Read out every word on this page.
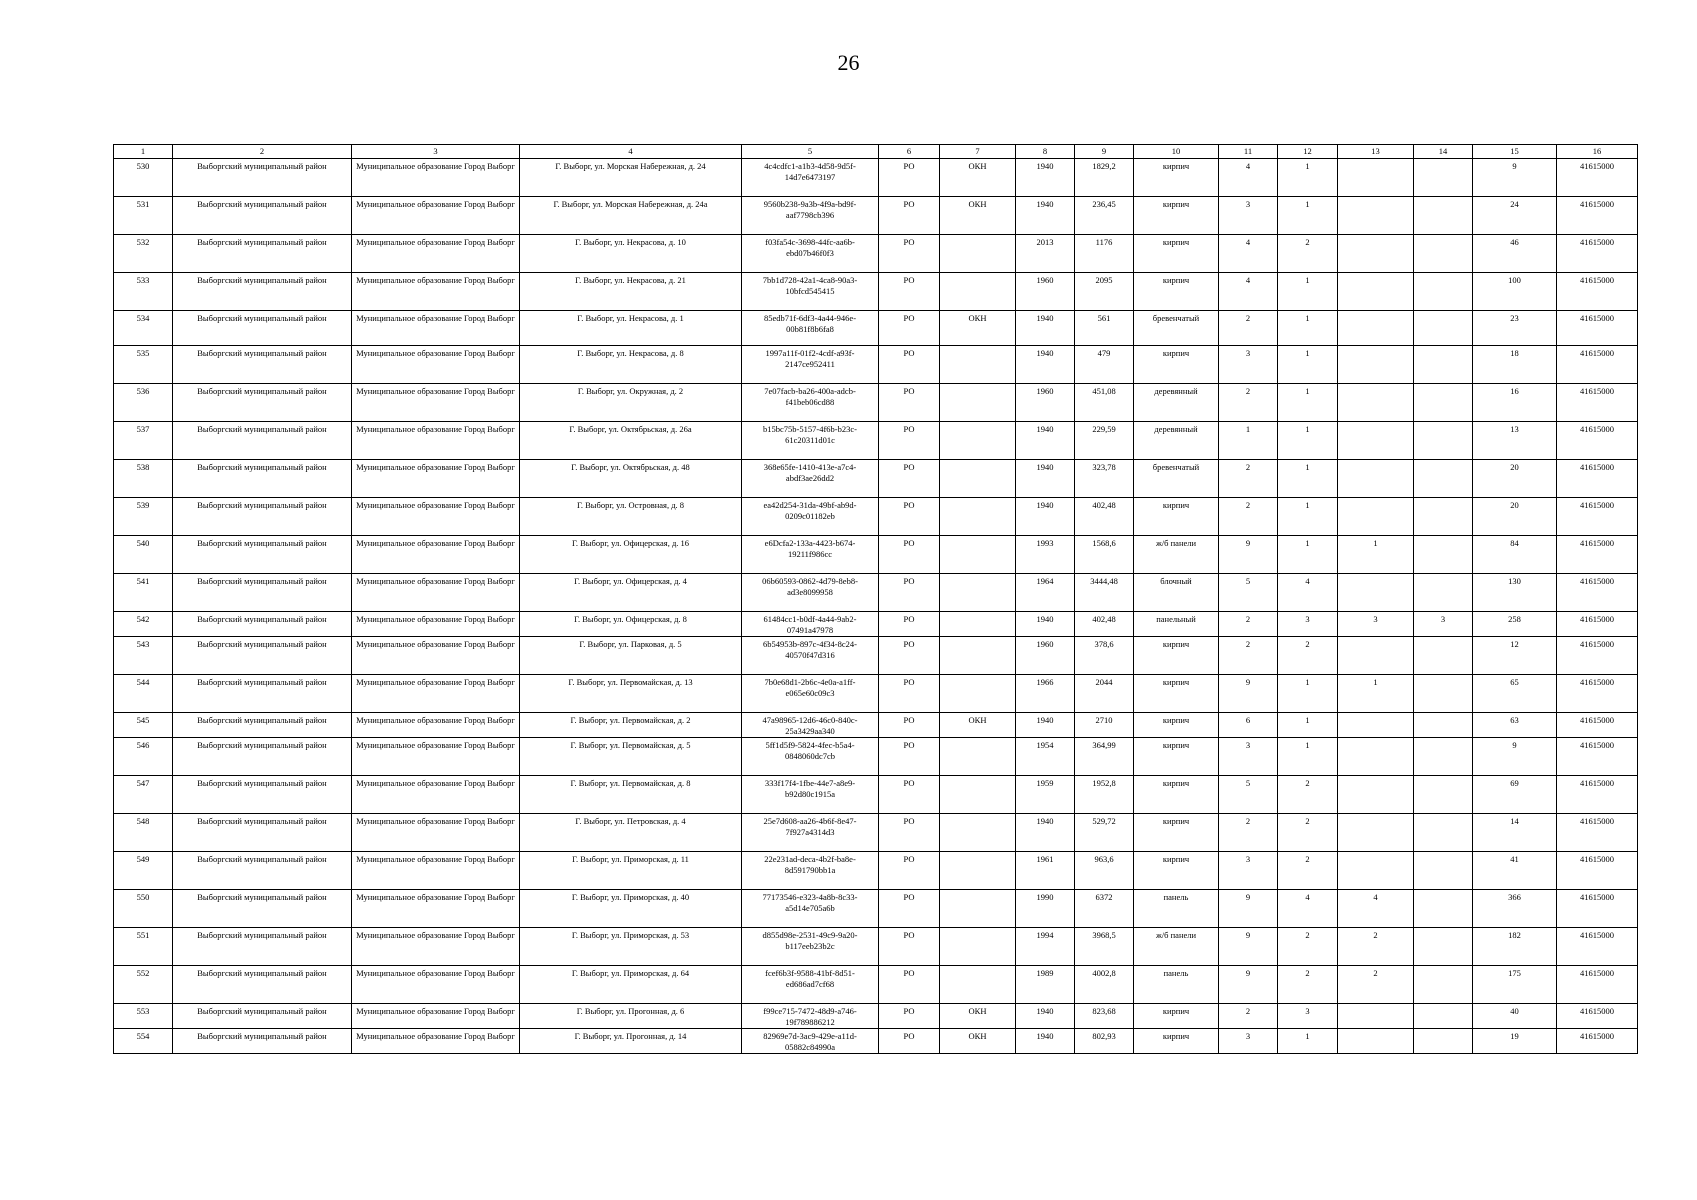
26
1	2	3	4	5	6	7	8	9	10	11	12	13	14	15	16
530	Выборгский муниципальный район	Муниципальное образование Город Выборг	Г. Выборг, ул. Морская Набережная, д. 24	4c4cdfc1-a1b3-4d58-9d5f-14d7e6473197	РО	ОКН	1940	1829,2	кирпич	4	1			9	41615000
531	Выборгский муниципальный район	Муниципальное образование Город Выборг	Г. Выборг, ул. Морская Набережная, д. 24а	9560b238-9a3b-4f9a-bd9f-aaf7798cb396	РО	ОКН	1940	236,45	кирпич	3	1			24	41615000
532	Выборгский муниципальный район	Муниципальное образование Город Выборг	Г. Выборг, ул. Некрасова, д. 10	f03fa54c-3698-44fc-aa6b-ebd07b46f0f3	РО		2013	1176	кирпич	4	2			46	41615000
533	Выборгский муниципальный район	Муниципальное образование Город Выборг	Г. Выборг, ул. Некрасова, д. 21	7bb1d728-42a1-4ca8-90a3-10bfcd545415	РО		1960	2095	кирпич	4	1			100	41615000
534	Выборгский муниципальный район	Муниципальное образование Город Выборг	Г. Выборг, ул. Некрасова, д. 1	85edb71f-6df3-4a44-946e-00b81f8b6fa8	РО	ОКН	1940	561	бревенчатый	2	1			23	41615000
535	Выборгский муниципальный район	Муниципальное образование Город Выборг	Г. Выборг, ул. Некрасова, д. 8	1997a11f-01f2-4cdf-a93f-2147ce952411	РО		1940	479	кирпич	3	1			18	41615000
536	Выборгский муниципальный район	Муниципальное образование Город Выборг	Г. Выборг, ул. Окружная, д. 2	7e07facb-ba26-400a-adcb-f41beb06cd88	РО		1960	451,08	деревянный	2	1			16	41615000
537	Выборгский муниципальный район	Муниципальное образование Город Выборг	Г. Выборг, ул. Октябрьская, д. 26а	b15bc75b-5157-4f6b-b23c-61c20311d01c	РО		1940	229,59	деревянный	1	1			13	41615000
538	Выборгский муниципальный район	Муниципальное образование Город Выборг	Г. Выборг, ул. Октябрьская, д. 48	368e65fe-1410-413e-a7c4-abdf3ae26dd2	РО		1940	323,78	бревенчатый	2	1			20	41615000
539	Выборгский муниципальный район	Муниципальное образование Город Выборг	Г. Выборг, ул. Островная, д. 8	ea42d254-31da-49bf-ab9d-0209c01182eb	РО		1940	402,48	кирпич	2	1			20	41615000
540	Выборгский муниципальный район	Муниципальное образование Город Выборг	Г. Выборг, ул. Офицерская, д. 16	e6Dcfa2-133a-4423-b674-19211f986cc	РО		1993	1568,6	ж/б панели	9	1	1		84	41615000
541	Выборгский муниципальный район	Муниципальное образование Город Выборг	Г. Выборг, ул. Офицерская, д. 4	06b60593-0862-4d79-8eb8-ad3e8099958	РО		1964	3444,48	блочный	5	4			130	41615000
542	Выборгский муниципальный район	Муниципальное образование Город Выборг	Г. Выборг, ул. Офицерская, д. 8	61484cc1-b0df-4a44-9ab2-07491a47978	РО		1940	402,48	панельный	2	3	3	3	258	41615000
543	Выборгский муниципальный район	Муниципальное образование Город Выборг	Г. Выборг, ул. Парковая, д. 5	6b54953b-897c-4f34-8c24-40570f47d316	РО		1960	378,6	кирпич	2	2			12	41615000
544	Выборгский муниципальный район	Муниципальное образование Город Выборг	Г. Выборг, ул. Первомайская, д. 13	7b0e68d1-2b6c-4e0a-a1ff-e065e60c09c3	РО		1966	2044	кирпич	9	1	1		65	41615000
545	Выборгский муниципальный район	Муниципальное образование Город Выборг	Г. Выборг, ул. Первомайская, д. 2	47a98965-12d6-46c0-840c-25a3429aa340	РО	ОКН	1940	2710	кирпич	6	1			63	41615000
546	Выборгский муниципальный район	Муниципальное образование Город Выборг	Г. Выборг, ул. Первомайская, д. 5	5ff1d5f9-5824-4fec-b5a4-0848060dc7cb	РО		1954	364,99	кирпич	3	1			9	41615000
547	Выборгский муниципальный район	Муниципальное образование Город Выборг	Г. Выборг, ул. Первомайская, д. 8	333f17f4-1fbe-44e7-a8e9-b92d80c1915a	РО		1959	1952,8	кирпич	5	2			69	41615000
548	Выборгский муниципальный район	Муниципальное образование Город Выборг	Г. Выборг, ул. Петровская, д. 4	25e7d608-aa26-4b6f-8e47-7f927a4314d3	РО		1940	529,72	кирпич	2	2			14	41615000
549	Выборгский муниципальный район	Муниципальное образование Город Выборг	Г. Выборг, ул. Приморская, д. 11	22e231ad-deca-4b2f-ba8e-8d591790bb1a	РО		1961	963,6	кирпич	3	2			41	41615000
550	Выборгский муниципальный район	Муниципальное образование Город Выборг	Г. Выборг, ул. Приморская, д. 40	77173546-e323-4a8b-8c33-a5d14e705a6b	РО		1990	6372	панель	9	4	4		366	41615000
551	Выборгский муниципальный район	Муниципальное образование Город Выборг	Г. Выборг, ул. Приморская, д. 53	d855d98e-2531-49c9-9a20-b117eeb23b2c	РО		1994	3968,5	ж/б панели	9	2	2		182	41615000
552	Выборгский муниципальный район	Муниципальное образование Город Выборг	Г. Выборг, ул. Приморская, д. 64	fcef6b3f-9588-41bf-8d51-ed686ad7cf68	РО		1989	4002,8	панель	9	2	2		175	41615000
553	Выборгский муниципальный район	Муниципальное образование Город Выборг	Г. Выборг, ул. Прогонная, д. 6	f99ce715-7472-48d9-a746-19f789886212	РО	ОКН	1940	823,68	кирпич	2	3			40	41615000
554	Выборгский муниципальный район	Муниципальное образование Город Выборг	Г. Выборг, ул. Прогонная, д. 14	82969e7d-3ac9-429e-a11d-05882c84990a	РО	ОКН	1940	802,93	кирпич	3	1			19	41615000
